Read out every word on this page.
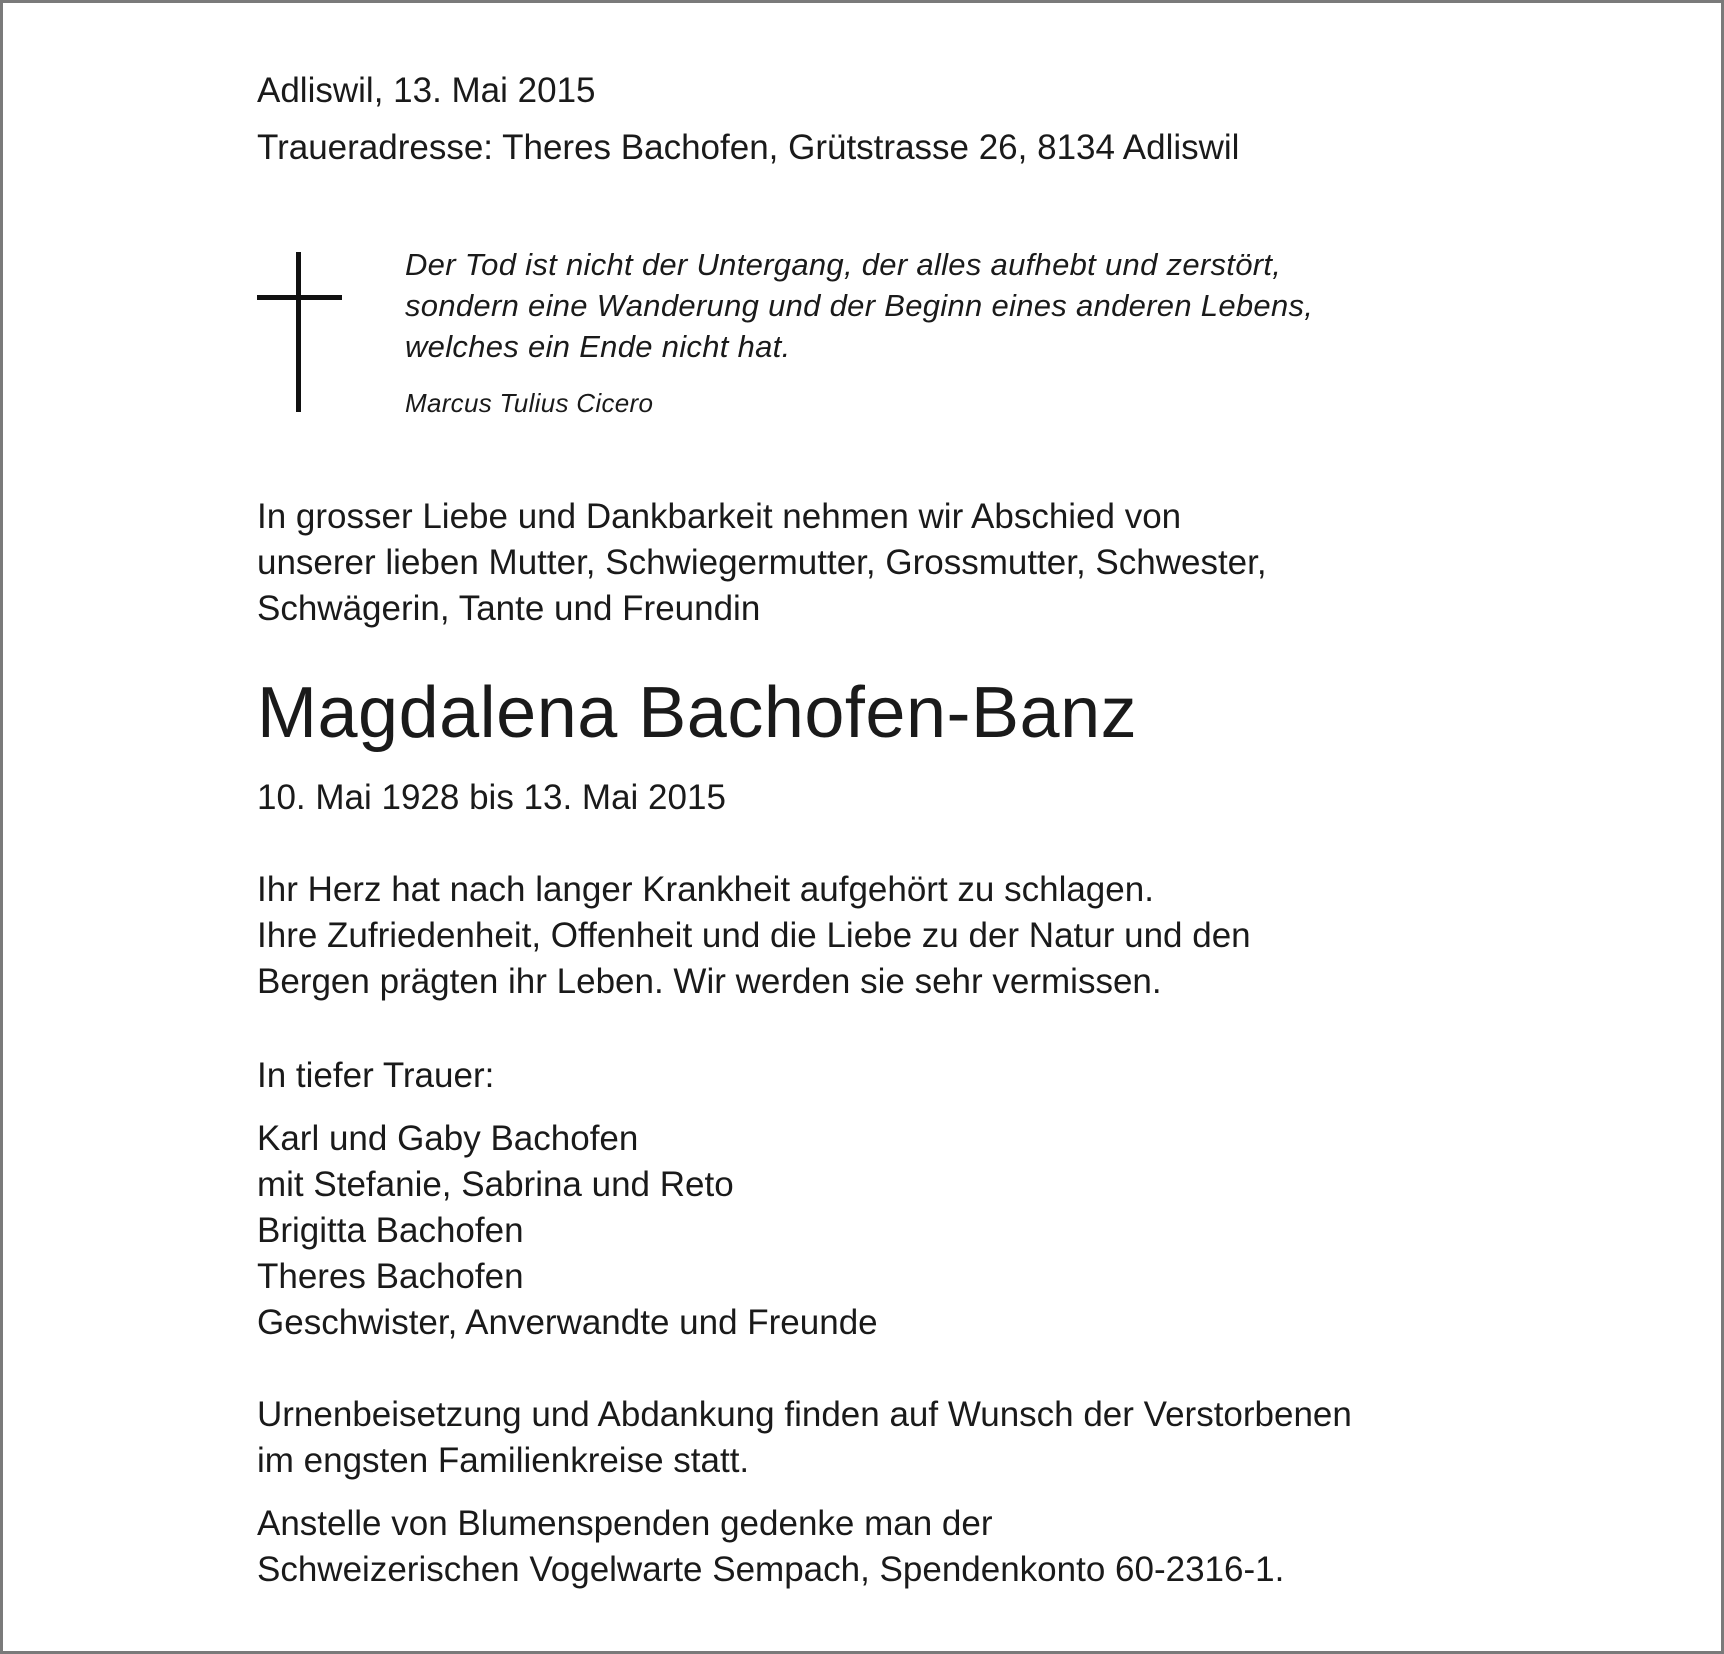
Adliswil, 13. Mai 2015
Traueradresse: Theres Bachofen, Grütstrasse 26, 8134 Adliswil
Der Tod ist nicht der Untergang, der alles aufhebt und zerstört,
sondern eine Wanderung und der Beginn eines anderen Lebens,
welches ein Ende nicht hat.
Marcus Tulius Cicero
In grosser Liebe und Dankbarkeit nehmen wir Abschied von
unserer lieben Mutter, Schwiegermutter, Grossmutter, Schwester,
Schwägerin, Tante und Freundin
Magdalena Bachofen-Banz
10. Mai 1928 bis 13. Mai 2015
Ihr Herz hat nach langer Krankheit aufgehört zu schlagen.
Ihre Zufriedenheit, Offenheit und die Liebe zu der Natur und den
Bergen prägten ihr Leben. Wir werden sie sehr vermissen.
In tiefer Trauer:
Karl und Gaby Bachofen
mit Stefanie, Sabrina und Reto
Brigitta Bachofen
Theres Bachofen
Geschwister, Anverwandte und Freunde
Urnenbeisetzung und Abdankung finden auf Wunsch der Verstorbenen
im engsten Familienkreise statt.
Anstelle von Blumenspenden gedenke man der
Schweizerischen Vogelwarte Sempach, Spendenkonto 60-2316-1.
